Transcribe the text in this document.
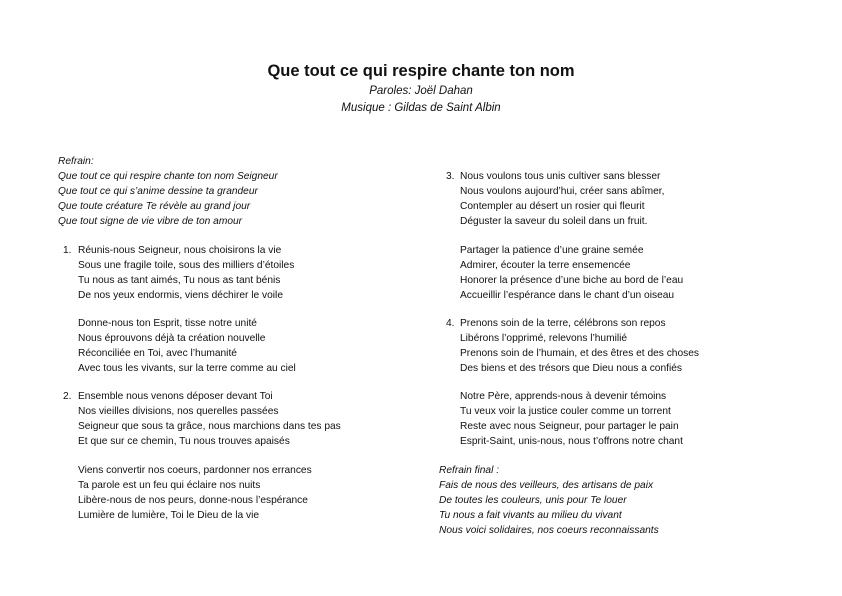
Que tout ce qui respire chante ton nom
Paroles: Joël Dahan
Musique : Gildas de Saint Albin
Refrain:
Que tout ce qui respire chante ton nom Seigneur
Que tout ce qui s’anime dessine ta grandeur
Que toute créature Te révèle au grand jour
Que tout signe de vie vibre de ton amour
1. Réunis-nous Seigneur, nous choisirons la vie
Sous une fragile toile, sous des milliers d’étoiles
Tu nous as tant aimés, Tu nous as tant bénis
De nos yeux endormis, viens déchirer le voile
Donne-nous ton Esprit, tisse notre unité
Nous éprouvons déjà ta création nouvelle
Réconciliée en Toi, avec l’humanité
Avec tous les vivants, sur la terre comme au ciel
2. Ensemble nous venons déposer devant Toi
Nos vieilles divisions, nos querelles passées
Seigneur que sous ta grâce, nous marchions dans tes pas
Et que sur ce chemin, Tu nous trouves apaisés
Viens convertir nos coeurs, pardonner nos errances
Ta parole est un feu qui éclaire nos nuits
Libère-nous de nos peurs, donne-nous l’espérance
Lumière de lumière, Toi le Dieu de la vie
3. Nous voulons tous unis cultiver sans blesser
Nous voulons aujourd’hui, créer sans abîmer,
Contempler au désert un rosier qui fleurit
Déguster la saveur du soleil dans un fruit.
Partager la patience d’une graine semée
Admirer, écouter la terre ensemencée
Honorer la présence d’une biche au bord de l’eau
Accueillir l’espérance dans le chant d’un oiseau
4. Prenons soin de la terre, célébrons son repos
Libérons l’opprimé, relevons l’humilié
Prenons soin de l’humain, et des êtres et des choses
Des biens et des trésors que Dieu nous a confiés
Notre Père, apprends-nous à devenir témoins
Tu veux voir la justice couler comme un torrent
Reste avec nous Seigneur, pour partager le pain
Esprit-Saint, unis-nous, nous t’offrons notre chant
Refrain final :
Fais de nous des veilleurs, des artisans de paix
De toutes les couleurs, unis pour Te louer
Tu nous a fait vivants au milieu du vivant
Nous voici solidaires, nos coeurs reconnaissants
